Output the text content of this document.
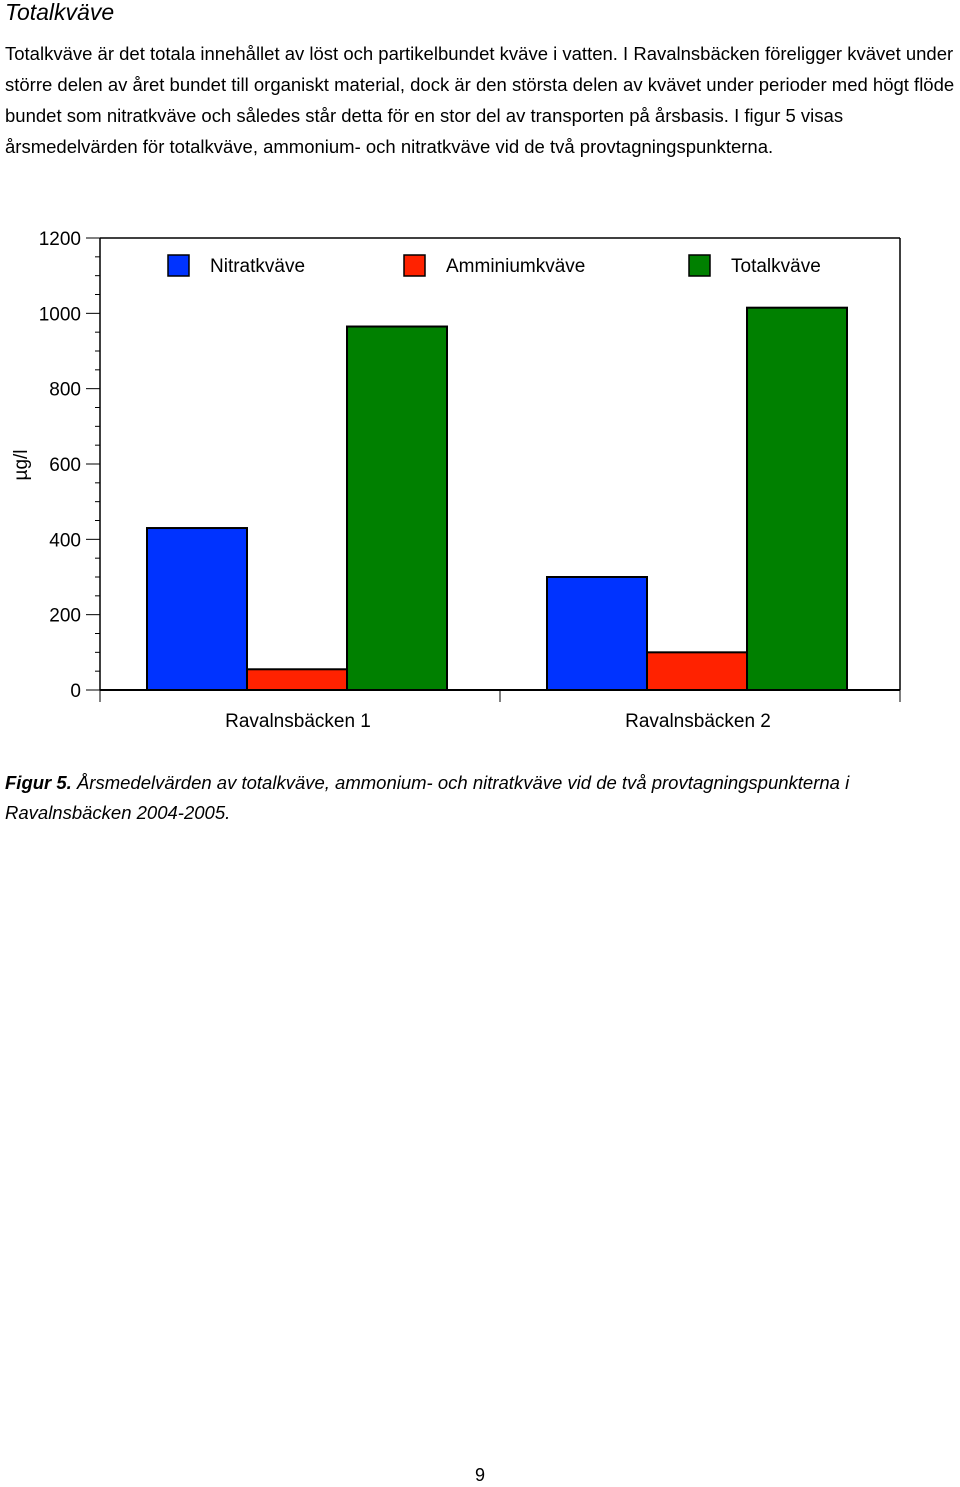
Totalkväve

Totalkväve är det totala innehållet av löst och partikelbundet kväve i vatten. I Ravalnsbäcken föreligger kvävet under större delen av året bundet till organiskt material, dock är den största delen av kvävet under perioder med högt flöde bundet som nitratkväve och således står detta för en stor del av transporten på årsbasis. I figur 5 visas årsmedelvärden för totalkväve, ammonium- och nitratkväve vid de två provtagningspunkterna.

Ravalnsbäcken 1	Ravalnsbäcken 2
0
200
400
600
800
1000
1200
µg/l
Nitratkväve	Amminiumkväve	Totalkväve

Figur 5. Årsmedelvärden av totalkväve, ammonium- och nitratkväve vid de två provtagningspunkterna i Ravalnsbäcken 2004-2005.

9
